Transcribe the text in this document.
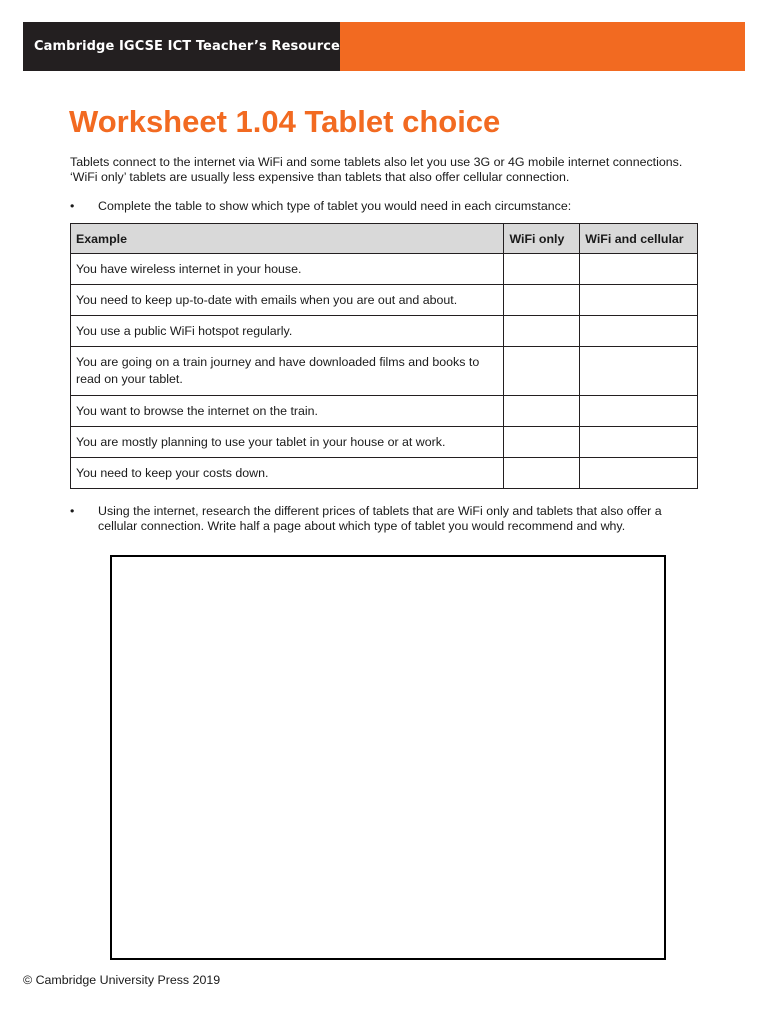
Cambridge IGCSE ICT Teacher’s Resource
Worksheet 1.04 Tablet choice

Tablets connect to the internet via WiFi and some tablets also let you use 3G or 4G mobile internet connections. ‘WiFi only’ tablets are usually less expensive than tablets that also offer cellular connection.

•	Complete the table to show which type of tablet you would need in each circumstance:
Example	WiFi only	WiFi and cellular
You have wireless internet in your house.		
You need to keep up-to-date with emails when you are out and about.		
You use a public WiFi hotspot regularly.		
You are going on a train journey and have downloaded films and books to read on your tablet.		
You want to browse the internet on the train.		
You are mostly planning to use your tablet in your house or at work.		
You need to keep your costs down.		
•	Using the internet, research the different prices of tablets that are WiFi only and tablets that also offer a cellular connection. Write half a page about which type of tablet you would recommend and why.

© Cambridge University Press 2019
